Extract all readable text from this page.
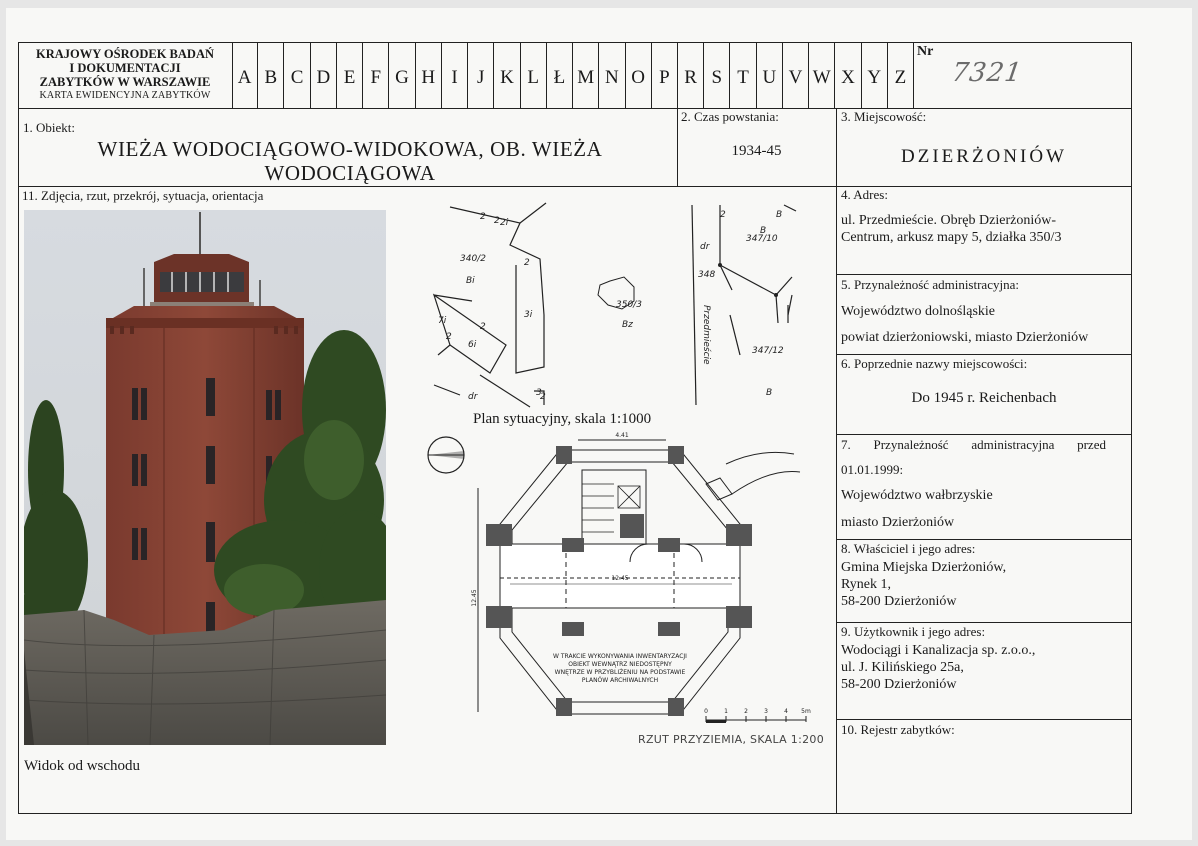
KRAJOWY OŚRODEK BADAŃ
I DOKUMENTACJI
ZABYTKÓW W WARSZAWIE
KARTA EWIDENCYJNA ZABYTKÓW
A B C D E F G H I	J K L Ł M N O P R S T U V W X Y Z
Nr
7321
1. Obiekt:
WIEŻA WODOCIĄGOWO-WIDOKOWA, OB. WIEŻA
WODOCIĄGOWA
2. Czas powstania:
1934-45
3. Miejscowość:
DZIERŻONIÓW
4. Adres:
ul. Przedmieście. Obręb Dzierżoniów-
Centrum, arkusz mapy 5, działka 350/3
5. Przynależność administracyjna:
Województwo dolnośląskie
powiat dzierżoniowski, miasto Dzierżoniów
6. Poprzednie nazwy miejscowości:
Do 1945 r. Reichenbach
7.       Przynależność       administracyjna       przed
01.01.1999:
Województwo wałbrzyskie
miasto Dzierżoniów
8. Właściciel i jego adres:
Gmina Miejska Dzierżoniów,
Rynek 1,
58-200 Dzierżoniów
9. Użytkownik i jego adres:
Wodociągi i Kanalizacja sp. z.o.o.,
ul. J. Kilińskiego 25a,
58-200 Dzierżoniów
10. Rejestr zabytków:
11. Zdjęcia, rzut, przekrój, sytuacja, orientacja
Widok od wschodu
340/2
Bi
7i
6i
3i
dr
350/3
Bz
347/10
348
dr
347/12
B
B
Przedmieście
2 2 2i
2
2
2
2
2
3
B
Plan sytuacyjny, skala 1:1000
4.41
12.45
12.45
W TRAKCIE WYKONYWANIA INWENTARYZACJI
OBIEKT WEWNĄTRZ NIEDOSTĘPNY
WNĘTRZE W PRZYBLIŻENIU NA PODSTAWIE
PLANÓW ARCHIWALNYCH
0	1	2	3	4 5m
RZUT PRZYZIEMIA, SKALA 1:200
